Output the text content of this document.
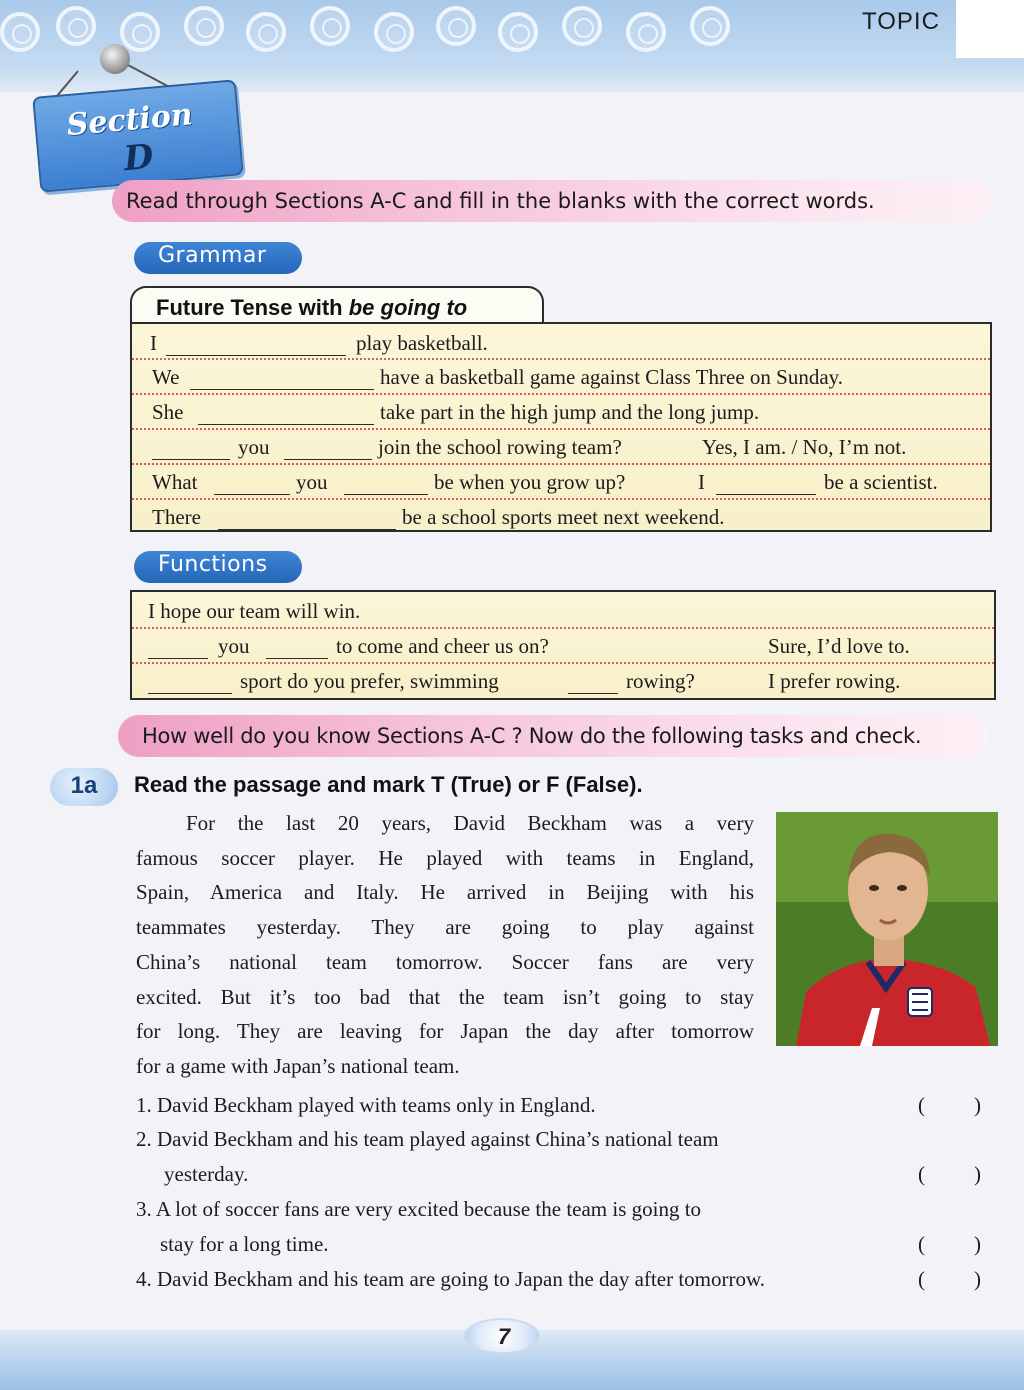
TOPIC
Section
D
Read through Sections A-C and fill in the blanks with the correct words.
Grammar
Future Tense with be going to
I	play basketball.
We	have a basketball game against Class Three on Sunday.
She	take part in the high jump and the long jump.
you	join the school rowing team?	Yes, I am. / No, I’m not.
What	you	be when you grow up?	I	be a scientist.
There	be a school sports meet next weekend.
Functions
I hope our team will win.
you	to come and cheer us on?	Sure, I’d love to.
sport do you prefer, swimming	rowing?	I prefer rowing.
How well do you know Sections A-C ? Now do the following tasks and check.
1a	Read the passage and mark T (True) or F (False).
For the last 20 years, David Beckham was a very
famous soccer player. He played with teams in England,
Spain, America and Italy. He arrived in Beijing with his
teammates yesterday. They are going to play against
China’s national team tomorrow. Soccer fans are very
excited. But it’s too bad that the team isn’t going to stay
for long. They are leaving for Japan the day after tomorrow
for a game with Japan’s national team.
1. David Beckham played with teams only in England.	( )
2. David Beckham and his team played against China’s national team
yesterday.	( )
3. A lot of soccer fans are very excited because the team is going to
stay for a long time.	( )
4. David Beckham and his team are going to Japan the day after tomorrow.	( )
7
